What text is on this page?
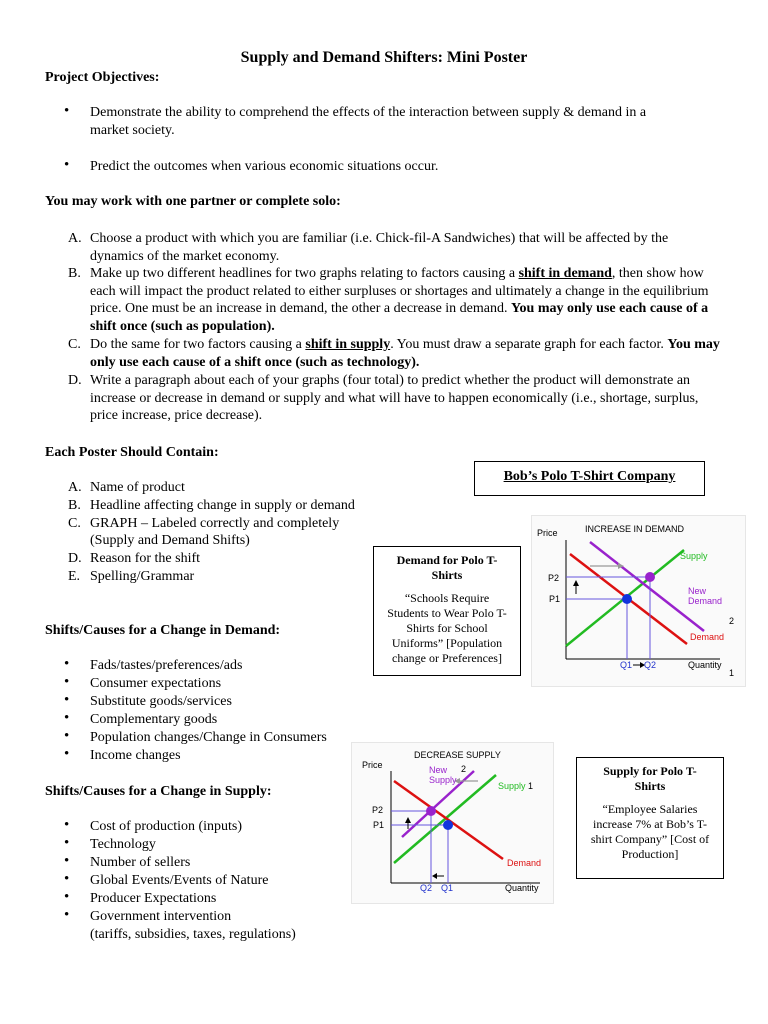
Supply and Demand Shifters: Mini Poster
Project Objectives:
Demonstrate the ability to comprehend the effects of the interaction between supply & demand in a
market society.
Predict the outcomes when various economic situations occur.
You may work with one partner or complete solo:
A. Choose a product with which you are familiar (i.e. Chick-fil-A Sandwiches) that will be affected by the
dynamics of the market economy.
B. Make up two different headlines for two graphs relating to factors causing a shift in demand, then show how each will impact the product related to either surpluses or shortages and ultimately a change in the equilibrium price. One must be an increase in demand, the other a decrease in demand. You may only use each cause of a shift once (such as population).
C. Do the same for two factors causing a shift in supply. You must draw a separate graph for each factor. You may only use each cause of a shift once (such as technology).
D. Write a paragraph about each of your graphs (four total) to predict whether the product will demonstrate an increase or decrease in demand or supply and what will have to happen economically (i.e., shortage, surplus, price increase, price decrease).
Each Poster Should Contain:
A. Name of product
B. Headline affecting change in supply or demand
C. GRAPH – Labeled correctly and completely
(Supply and Demand Shifts)
D. Reason for the shift
E. Spelling/Grammar
Shifts/Causes for a Change in Demand:
Fads/tastes/preferences/ads
Consumer expectations
Substitute goods/services
Complementary goods
Population changes/Change in Consumers
Income changes
Shifts/Causes for a Change in Supply:
Cost of production (inputs)
Technology
Number of sellers
Global Events/Events of Nature
Producer Expectations
Government intervention
(tariffs, subsidies, taxes, regulations)
Bob’s Polo T-Shirt Company
Demand for Polo T-
Shirts
“Schools Require
Students to Wear Polo T-
Shirts for School
Uniforms” [Population
change or Preferences]
Supply for Polo T-
Shirts
“Employee Salaries
increase 7% at Bob’s T-
shirt Company” [Cost of
Production]
INCREASE IN DEMAND
Price
Quantity
Supply
New
Demand
Demand
P2
P1
Q1 Q2
2
1
DECREASE SUPPLY
Price
Quantity
New
Supply
2
Supply 1
Demand
P2
P1
Q2 Q1
